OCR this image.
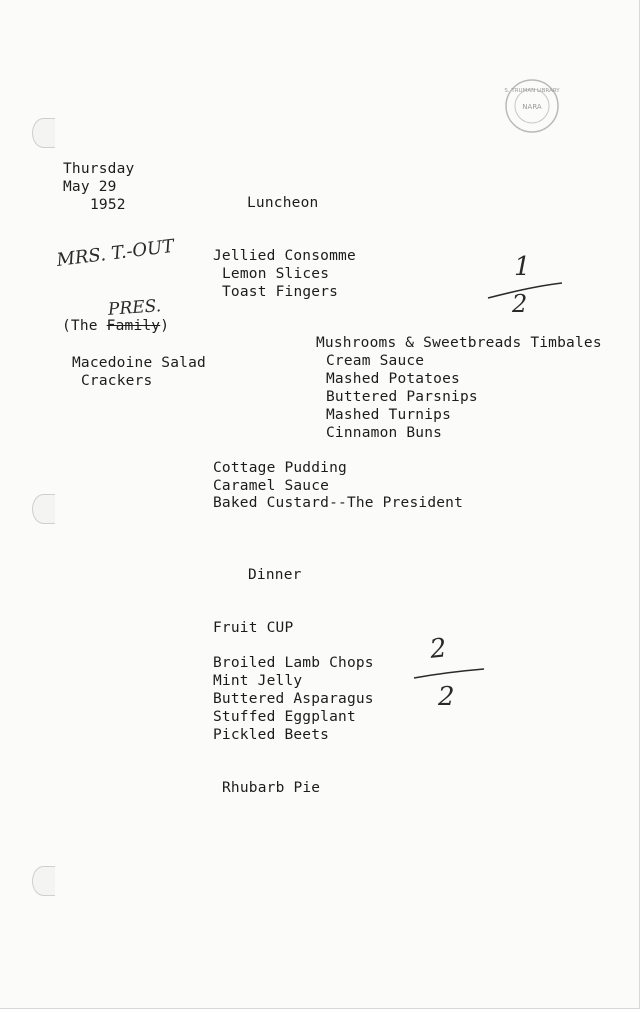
S. TRUMAN LIBRARY
NARA
Thursday
May 29
1952	Luncheon
Jellied Consomme
Lemon Slices
Toast Fingers
MRS. T.-OUT	1
2
PRES.
(The Family)
Macedoine Salad
Crackers
Mushrooms & Sweetbreads Timbales
Cream Sauce
Mashed Potatoes
Buttered Parsnips
Mashed Turnips
Cinnamon Buns
Cottage Pudding
Caramel Sauce
Baked Custard--The President
Dinner
Fruit CUP
Broiled Lamb Chops
Mint Jelly
Buttered Asparagus
Stuffed Eggplant
Pickled Beets
2
2
Rhubarb Pie
